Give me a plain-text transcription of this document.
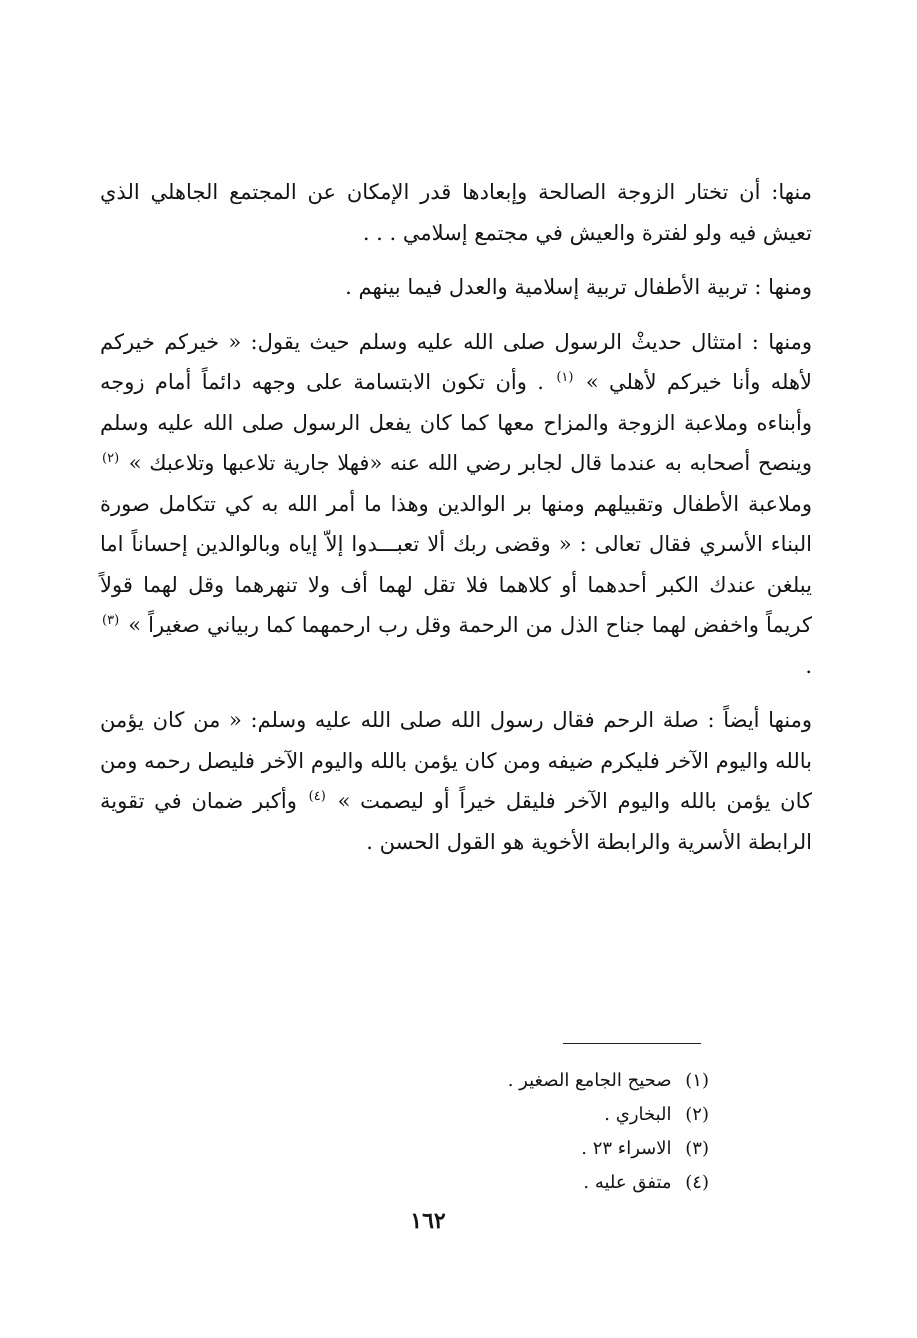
منها: أن تختار الزوجة الصالحة وإبعادها قدر الإمكان عن المجتمع الجاهلي الذي تعيش فيه ولو لفترة والعيش في مجتمع إسلامي . . .

ومنها : تربية الأطفال تربية إسلامية والعدل فيما بينهم .

ومنها : امتثال حديثْ الرسول صلى الله عليه وسلم حيث يقول: « خيركم خيركم لأهله وأنا خيركم لأهلي » $^{(١)}$ . وأن تكون الابتسامة على وجهه دائماً أمام زوجه وأبناءه وملاعبة الزوجة والمزاح معها كما كان يفعل الرسول صلى الله عليه وسلم وينصح أصحابه به عندما قال لجابر رضي الله عنه «فهلا جارية تلاعبها وتلاعبك » $^{(٢)}$ وملاعبة الأطفال وتقبيلهم ومنها بر الوالدين وهذا ما أمر الله به كي تتكامل صورة البناء الأسري فقال تعالى : « وقضى ربك ألا تعبـــدوا إلاّ إياه وبالوالدين إحساناً اما يبلغن عندك الكبر أحدهما أو كلاهما فلا تقل لهما أف ولا تنهرهما وقل لهما قولاً كريماً واخفض لهما جناح الذل من الرحمة وقل رب ارحمهما كما ربياني صغيراً » $^{(٣)}$ .

ومنها أيضاً : صلة الرحم فقال رسول الله صلى الله عليه وسلم: « من كان يؤمن بالله واليوم الآخر فليكرم ضيفه ومن كان يؤمن بالله واليوم الآخر فليصل رحمه ومن كان يؤمن بالله واليوم الآخر فليقل خيراً أو ليصمت » $^{(٤)}$ وأكبر ضمان في تقوية الرابطة الأسرية والرابطة الأخوية هو القول الحسن .

(١) صحيح الجامع الصغير .
(٢) البخاري .
(٣) الاسراء ٢٣ .
(٤) متفق عليه .
١٦٢
